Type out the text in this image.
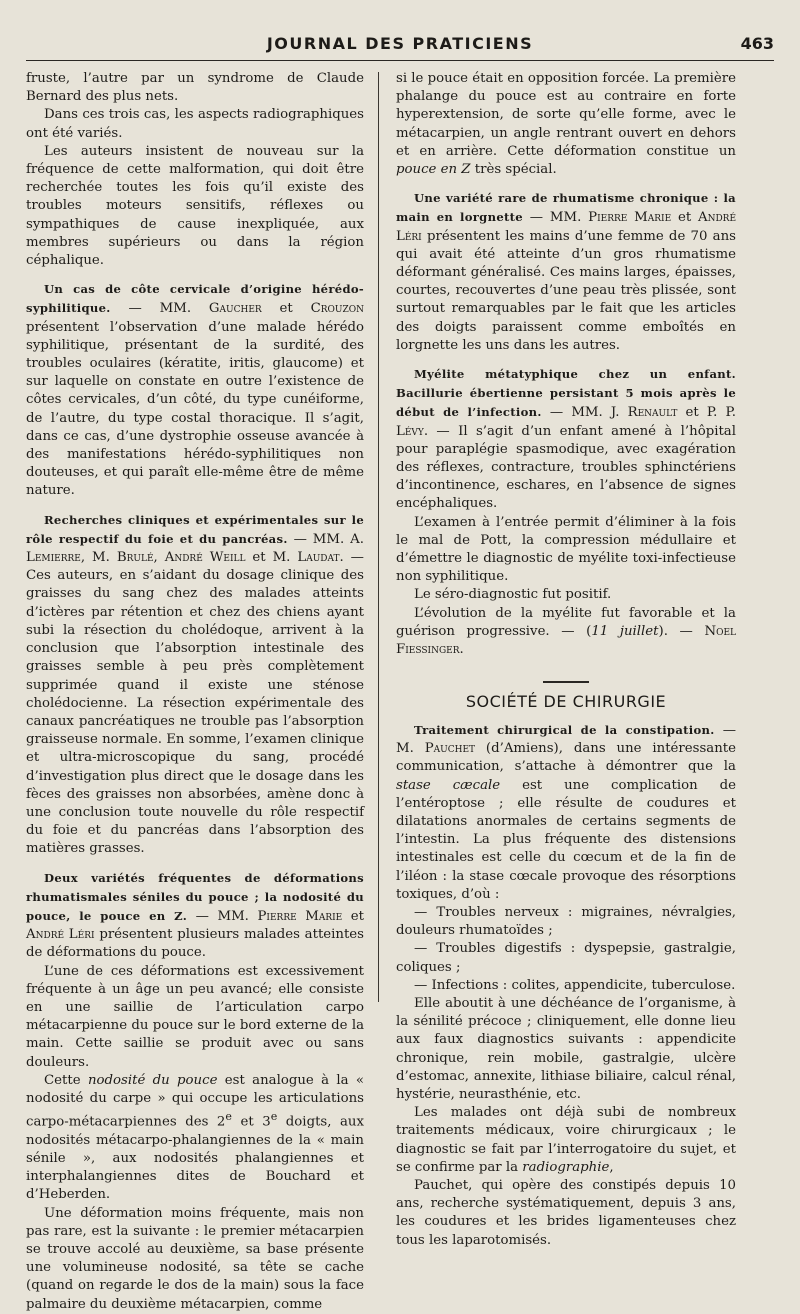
JOURNAL DES PRATICIENS	463

fruste, l’autre par un syndrome de Claude Bernard des plus nets.

Dans ces trois cas, les aspects radiographiques ont été variés.

Les auteurs insistent de nouveau sur la fréquence de cette malformation, qui doit être recherchée toutes les fois qu’il existe des troubles moteurs sensitifs, réflexes ou sympathiques de cause inexpliquée, aux membres supérieurs ou dans la région céphalique.

Un cas de côte cervicale d’origine hérédo-syphilitique. — MM. Gaucher et Crouzon présentent l’observation d’une malade hérédo syphilitique, présentant de la surdité, des troubles oculaires (kératite, iritis, glaucome) et sur laquelle on constate en outre l’existence de côtes cervicales, d’un côté, du type cunéiforme, de l’autre, du type costal thoracique. Il s’agit, dans ce cas, d’une dystrophie osseuse avancée à des manifestations hérédo-syphilitiques non douteuses, et qui paraît elle-même être de même nature.

Recherches cliniques et expérimentales sur le rôle respectif du foie et du pancréas. — MM. A. Lemierre, M. Brulé, André Weill et M. Laudat. — Ces auteurs, en s’aidant du dosage clinique des graisses du sang chez des malades atteints d’ictères par rétention et chez des chiens ayant subi la résection du cholédoque, arrivent à la conclusion que l’absorption intestinale des graisses semble à peu près complètement supprimée quand il existe une sténose cholédocienne. La résection expérimentale des canaux pancréatiques ne trouble pas l’absorption graisseuse normale. En somme, l’examen clinique et ultra-microscopique du sang, procédé d’investigation plus direct que le dosage dans les fèces des graisses non absorbées, amène donc à une conclusion toute nouvelle du rôle respectif du foie et du pancréas dans l’absorption des matières grasses.

Deux variétés fréquentes de déformations rhumatismales séniles du pouce ; la nodosité du pouce, le pouce en Z. — MM. Pierre Marie et André Léri présentent plusieurs malades atteintes de déformations du pouce.

L’une de ces déformations est excessivement fréquente à un âge un peu avancé; elle consiste en une saillie de l’articulation carpo métacarpienne du pouce sur le bord externe de la main. Cette saillie se produit avec ou sans douleurs.

Cette nodosité du pouce est analogue à la « nodosité du carpe » qui occupe les articulations carpo-métacarpiennes des 2e et 3e doigts, aux nodosités métacarpo-phalangiennes de la « main sénile », aux nodosités phalangiennes et interphalangiennes dites de Bouchard et d’Heberden.

Une déformation moins fréquente, mais non pas rare, est la suivante : le premier métacarpien se trouve accolé au deuxième, sa base présente une volumineuse nodosité, sa tête se cache (quand on regarde le dos de la main) sous la face palmaire du deuxième métacarpien, comme

si le pouce était en opposition forcée. La première phalange du pouce est au contraire en forte hyperextension, de sorte qu’elle forme, avec le métacarpien, un angle rentrant ouvert en dehors et en arrière. Cette déformation constitue un pouce en Z très spécial.

Une variété rare de rhumatisme chronique : la main en lorgnette — MM. Pierre Marie et André Léri présentent les mains d’une femme de 70 ans qui avait été atteinte d’un gros rhumatisme déformant généralisé. Ces mains larges, épaisses, courtes, recouvertes d’une peau très plissée, sont surtout remarquables par le fait que les articles des doigts paraissent comme emboîtés en lorgnette les uns dans les autres.

Myélite métatyphique chez un enfant. Bacillurie ébertienne persistant 5 mois après le début de l’infection. — MM. J. Renault et P. P. Lévy. — Il s’agit d’un enfant amené à l’hôpital pour paraplégie spasmodique, avec exagération des réflexes, contracture, troubles sphinctériens d’incontinence, eschares, en l’absence de signes encéphaliques.

L’examen à l’entrée permit d’éliminer à la fois le mal de Pott, la compression médullaire et d’émettre le diagnostic de myélite toxi-infectieuse non syphilitique.

Le séro-diagnostic fut positif.

L’évolution de la myélite fut favorable et la guérison progressive. — (11 juillet). — Noel Fiessinger.

SOCIÉTÉ DE CHIRURGIE

Traitement chirurgical de la constipation. — M. Pauchet (d’Amiens), dans une intéressante communication, s’attache à démontrer que la stase cæcale est une complication de l’entéroptose ; elle résulte de coudures et dilatations anormales de certains segments de l’intestin. La plus fréquente des distensions intestinales est celle du cœcum et de la fin de l’iléon : la stase cœcale provoque des résorptions toxiques, d’où :

— Troubles nerveux : migraines, névralgies, douleurs rhumatoïdes ;

— Troubles digestifs : dyspepsie, gastralgie, coliques ;

— Infections : colites, appendicite, tuberculose.

Elle aboutit à une déchéance de l’organisme, à la sénilité précoce ; cliniquement, elle donne lieu aux faux diagnostics suivants : appendicite chronique, rein mobile, gastralgie, ulcère d’estomac, annexite, lithiase biliaire, calcul rénal, hystérie, neurasthénie, etc.

Les malades ont déjà subi de nombreux traitements médicaux, voire chirurgicaux ; le diagnostic se fait par l’interrogatoire du sujet, et se confirme par la radiographie,

Pauchet, qui opère des constipés depuis 10 ans, recherche systématiquement, depuis 3 ans, les coudures et les brides ligamenteuses chez tous les laparotomisés.
